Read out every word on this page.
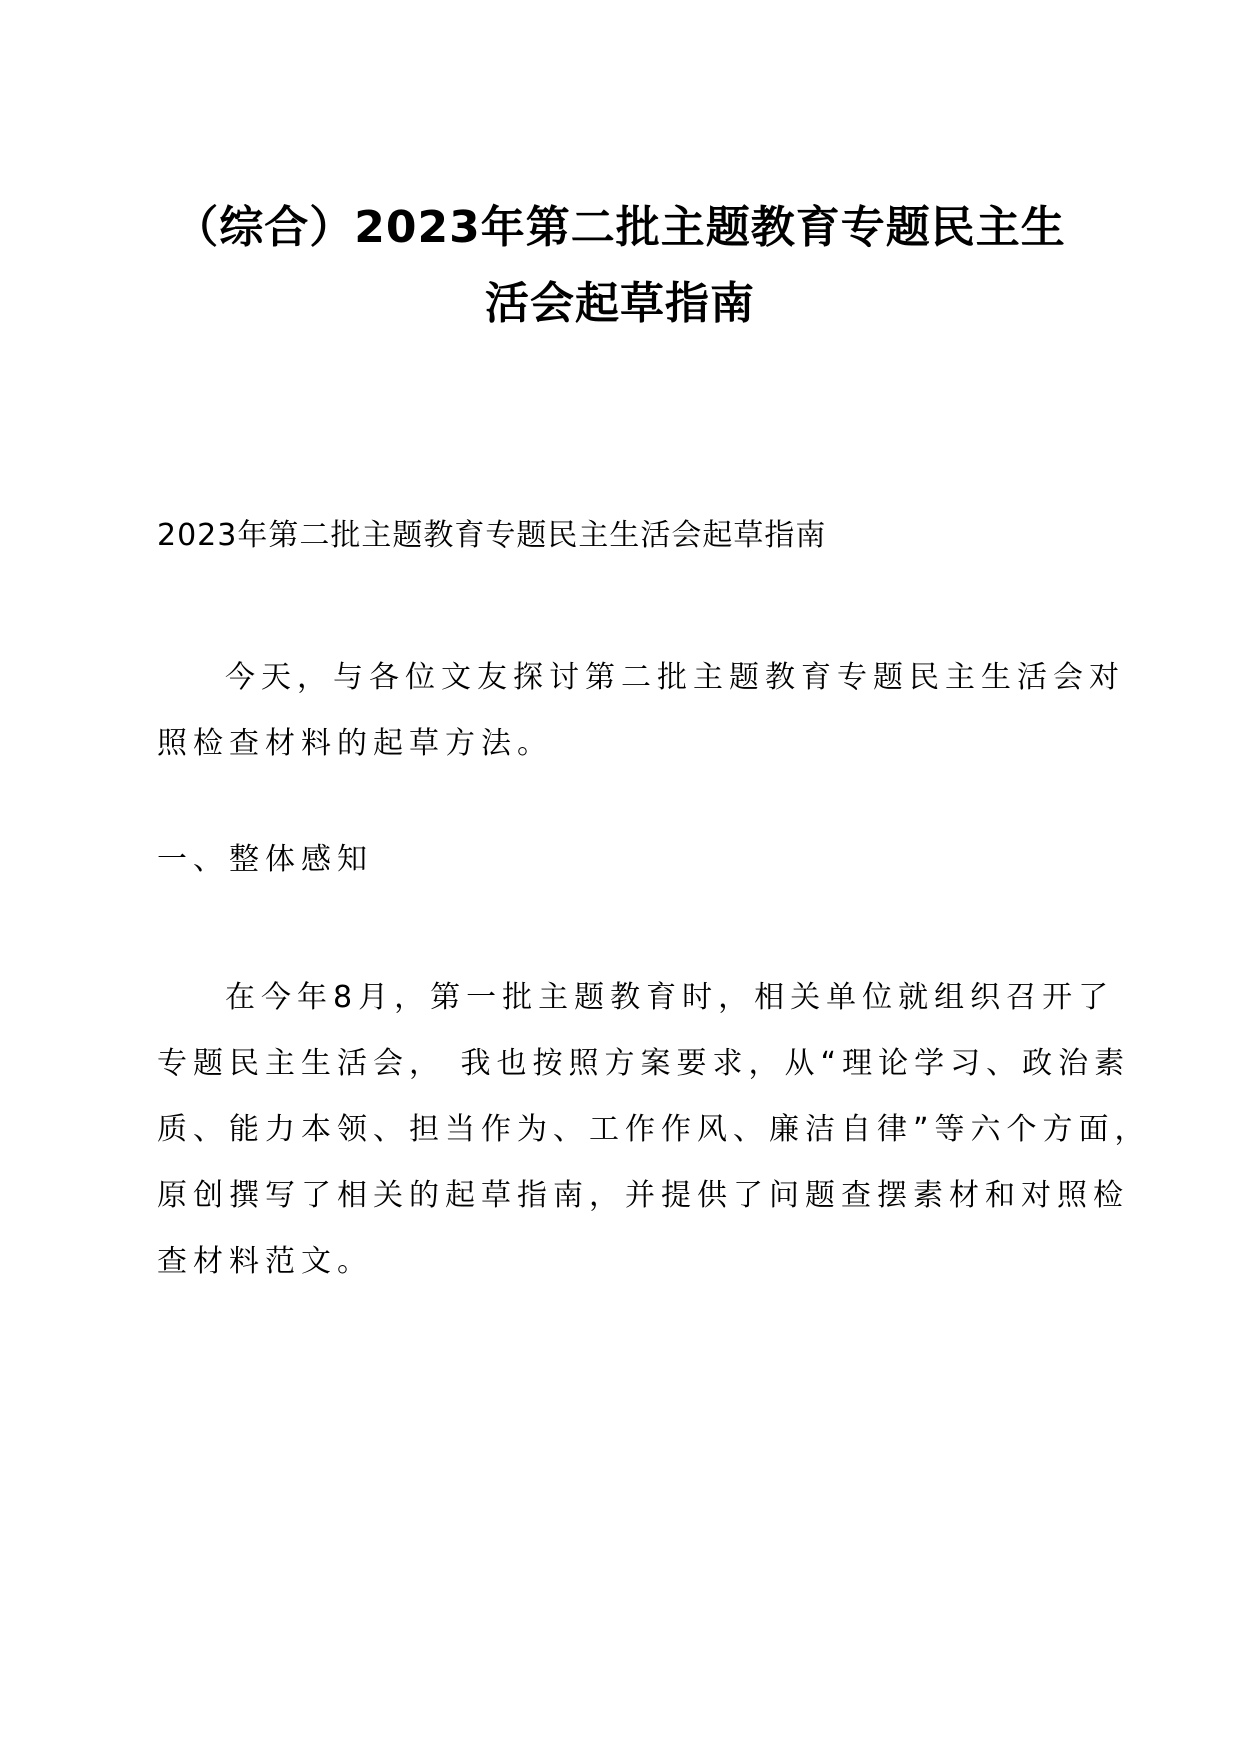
（综合）2023年第二批主题教育专题民主生
活会起草指南

2023年第二批主题教育专题民主生活会起草指南

今天，与各位文友探讨第二批主题教育专题民主生活会对
照检查材料的起草方法。

一、整体感知

在今年8月，第一批主题教育时，相关单位就组织召开了
专题民主生活会， 我也按照方案要求，从“理论学习、政治素
质、能力本领、担当作为、工作作风、廉洁自律”等六个方面，
原创撰写了相关的起草指南，并提供了问题查摆素材和对照检
查材料范文。
